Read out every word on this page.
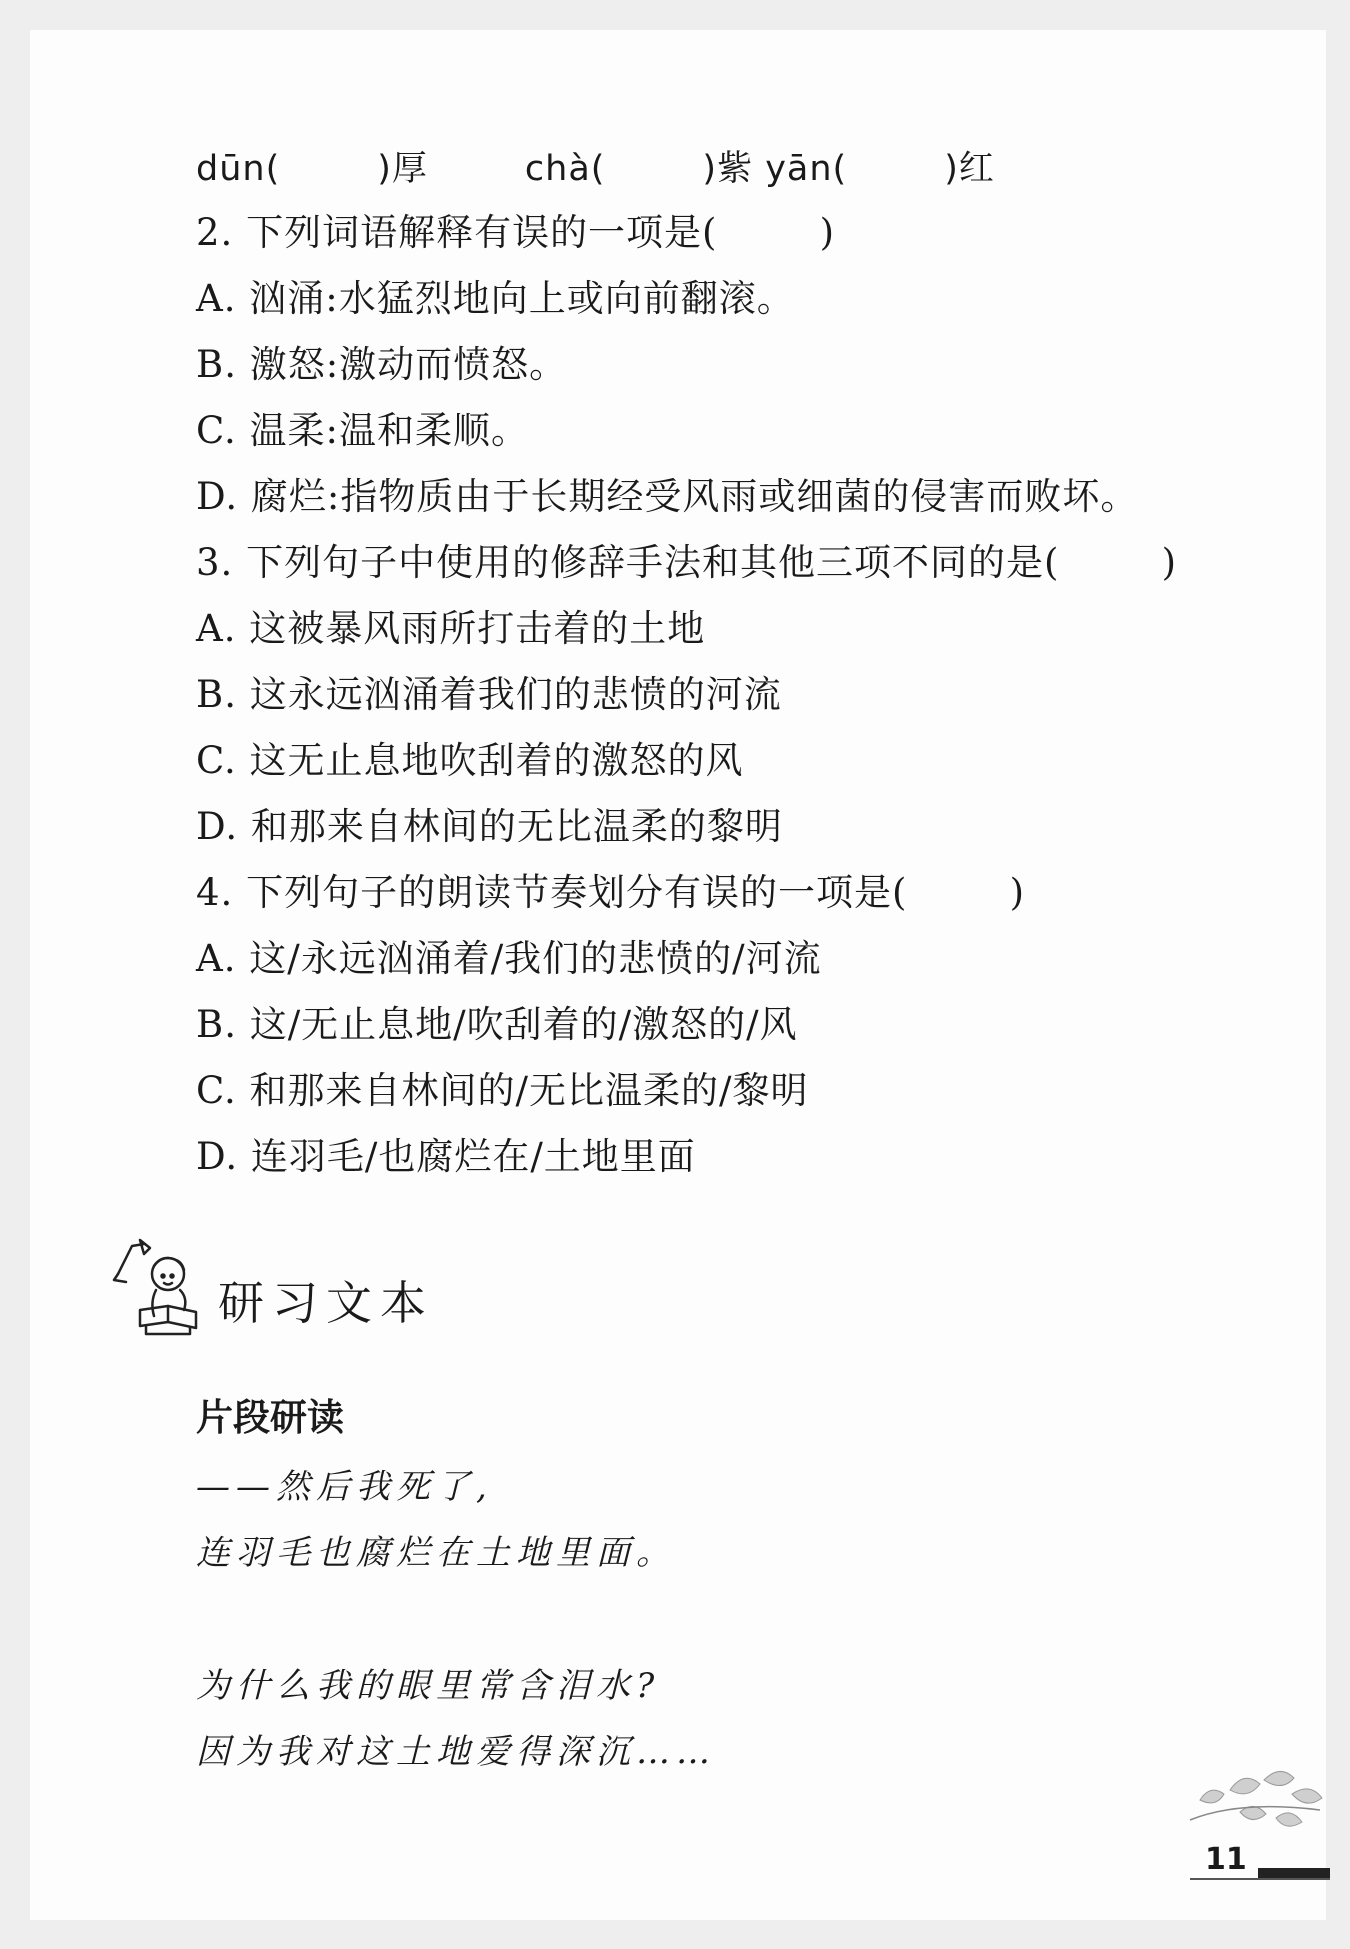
dūn(        )厚        chà(        )紫 yān(        )红
2. 下列词语解释有误的一项是(        )
A. 汹涌:水猛烈地向上或向前翻滚。
B. 激怒:激动而愤怒。
C. 温柔:温和柔顺。
D. 腐烂:指物质由于长期经受风雨或细菌的侵害而败坏。
3. 下列句子中使用的修辞手法和其他三项不同的是(        )
A. 这被暴风雨所打击着的土地
B. 这永远汹涌着我们的悲愤的河流
C. 这无止息地吹刮着的激怒的风
D. 和那来自林间的无比温柔的黎明
4. 下列句子的朗读节奏划分有误的一项是(        )
A. 这/永远汹涌着/我们的悲愤的/河流
B. 这/无止息地/吹刮着的/激怒的/风
C. 和那来自林间的/无比温柔的/黎明
D. 连羽毛/也腐烂在/土地里面
研习文本
片段研读
——然后我死了,
连羽毛也腐烂在土地里面。
为什么我的眼里常含泪水?
因为我对这土地爱得深沉……
11
